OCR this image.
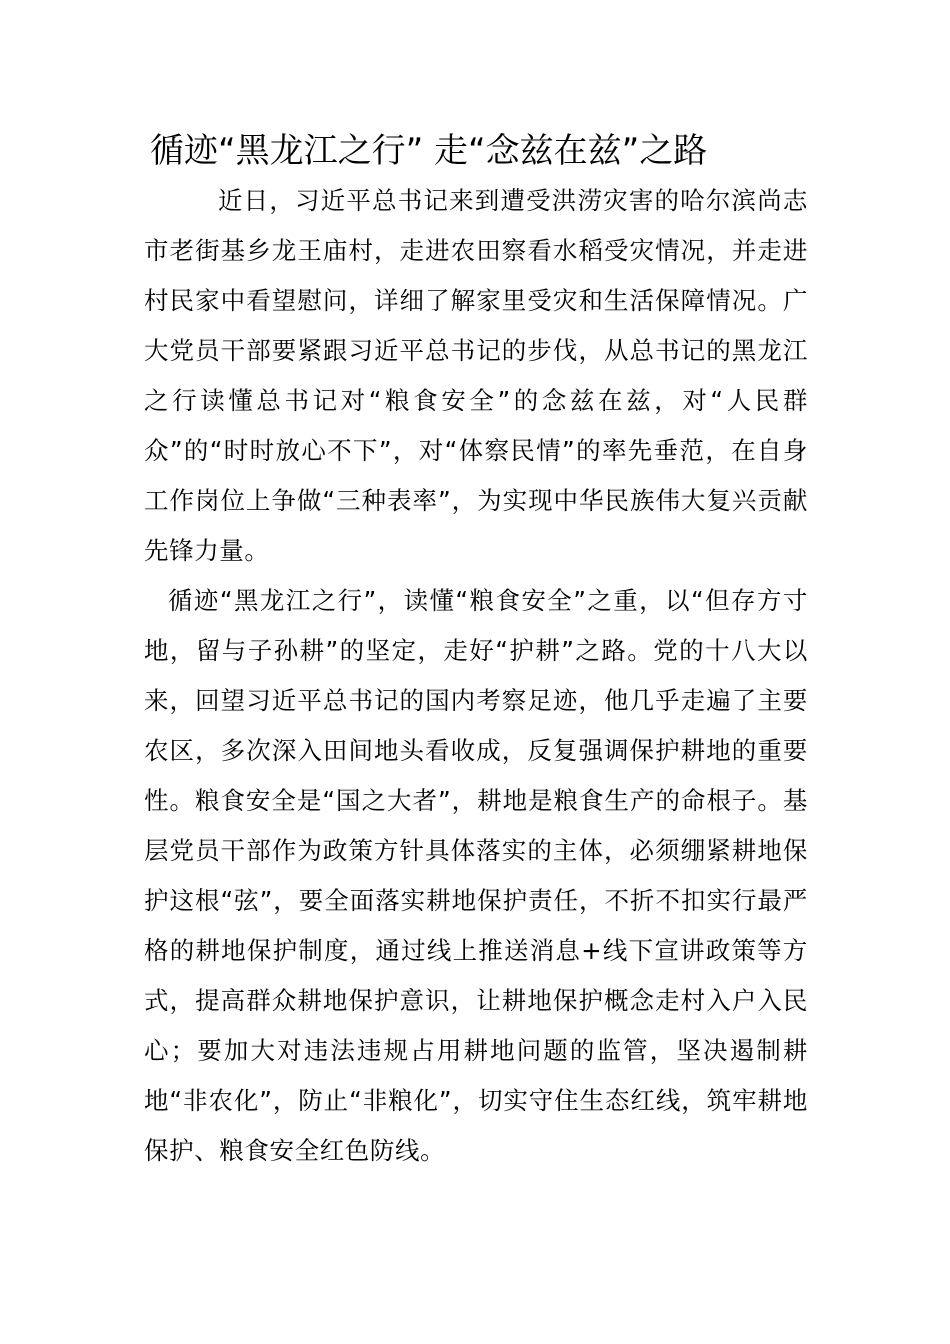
循迹“黑龙江之行” 走“念兹在兹”之路

近日，习近平总书记来到遭受洪涝灾害的哈尔滨尚志市老街基乡龙王庙村，走进农田察看水稻受灾情况，并走进村民家中看望慰问，详细了解家里受灾和生活保障情况。广大党员干部要紧跟习近平总书记的步伐，从总书记的黑龙江之行读懂总书记对“粮食安全”的念兹在兹，对“人民群众”的“时时放心不下”，对“体察民情”的率先垂范，在自身工作岗位上争做“三种表率”，为实现中华民族伟大复兴贡献先锋力量。

循迹“黑龙江之行”，读懂“粮食安全”之重，以“但存方寸地，留与子孙耕”的坚定，走好“护耕”之路。党的十八大以来，回望习近平总书记的国内考察足迹，他几乎走遍了主要农区，多次深入田间地头看收成，反复强调保护耕地的重要性。粮食安全是“国之大者”，耕地是粮食生产的命根子。基层党员干部作为政策方针具体落实的主体，必须绷紧耕地保护这根“弦”，要全面落实耕地保护责任，不折不扣实行最严格的耕地保护制度，通过线上推送消息+线下宣讲政策等方式，提高群众耕地保护意识，让耕地保护概念走村入户入民心；要加大对违法违规占用耕地问题的监管，坚决遏制耕地“非农化”，防止“非粮化”，切实守住生态红线，筑牢耕地保护、粮食安全红色防线。
